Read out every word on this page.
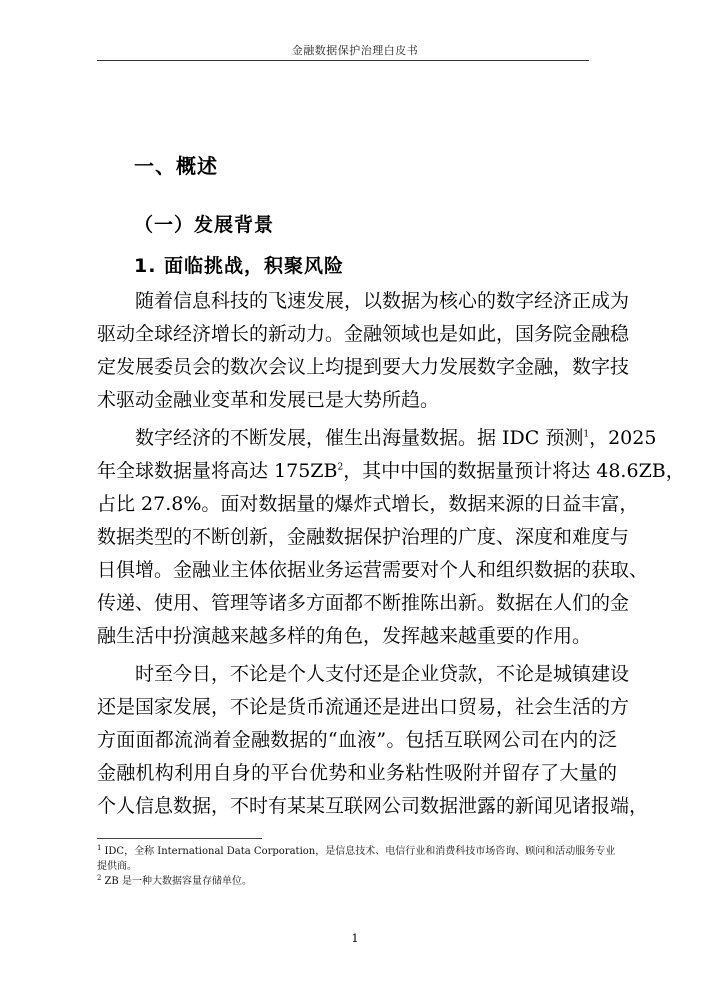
金融数据保护治理白皮书
一、概述
（一）发展背景
1. 面临挑战，积聚风险
随着信息科技的飞速发展，以数据为核心的数字经济正成为
驱动全球经济增长的新动力。金融领域也是如此，国务院金融稳
定发展委员会的数次会议上均提到要大力发展数字金融，数字技
术驱动金融业变革和发展已是大势所趋。
数字经济的不断发展，催生出海量数据。据 IDC 预测$^1$，2025
年全球数据量将高达 $175ZB^2$，其中中国的数据量预计将达 48.6ZB，
占比 27.8%。面对数据量的爆炸式增长，数据来源的日益丰富，
数据类型的不断创新，金融数据保护治理的广度、深度和难度与
日俱增。金融业主体依据业务运营需要对个人和组织数据的获取、
传递、使用、管理等诸多方面都不断推陈出新。数据在人们的金
融生活中扮演越来越多样的角色，发挥越来越重要的作用。
时至今日，不论是个人支付还是企业贷款，不论是城镇建设
还是国家发展，不论是货币流通还是进出口贸易，社会生活的方
方面面都流淌着金融数据的“血液”。包括互联网公司在内的泛
金融机构利用自身的平台优势和业务粘性吸附并留存了大量的
个人信息数据，不时有某某互联网公司数据泄露的新闻见诸报端，

$^1$ IDC，全称 International Data Corporation，是信息技术、电信行业和消费科技市场咨询、顾问和活动服务专业提供商。

$^2$ ZB 是一种大数据容量存储单位。

1
